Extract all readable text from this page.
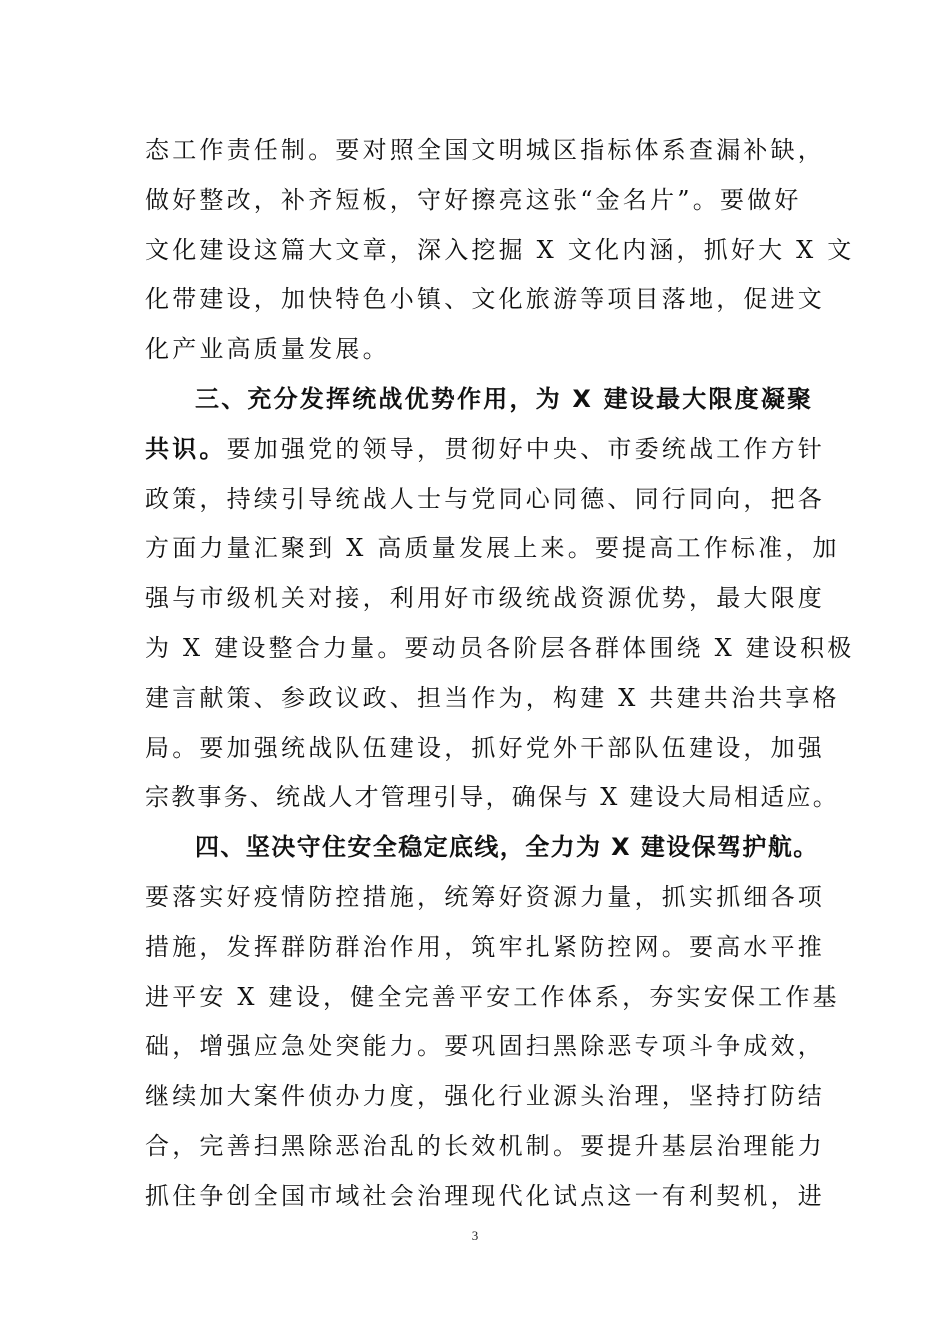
态工作责任制。要对照全国文明城区指标体系查漏补缺，
做好整改，补齐短板，守好擦亮这张“金名片”。要做好
文化建设这篇大文章，深入挖掘 X 文化内涵，抓好大 X 文
化带建设，加快特色小镇、文化旅游等项目落地，促进文
化产业高质量发展。
三、充分发挥统战优势作用，为 X 建设最大限度凝聚
共识。要加强党的领导，贯彻好中央、市委统战工作方针
政策，持续引导统战人士与党同心同德、同行同向，把各
方面力量汇聚到 X 高质量发展上来。要提高工作标准，加
强与市级机关对接，利用好市级统战资源优势，最大限度
为 X 建设整合力量。要动员各阶层各群体围绕 X 建设积极
建言献策、参政议政、担当作为，构建 X 共建共治共享格
局。要加强统战队伍建设，抓好党外干部队伍建设，加强
宗教事务、统战人才管理引导，确保与 X 建设大局相适应。
四、坚决守住安全稳定底线，全力为 X 建设保驾护航。
要落实好疫情防控措施，统筹好资源力量，抓实抓细各项
措施，发挥群防群治作用，筑牢扎紧防控网。要高水平推
进平安 X 建设，健全完善平安工作体系，夯实安保工作基
础，增强应急处突能力。要巩固扫黑除恶专项斗争成效，
继续加大案件侦办力度，强化行业源头治理，坚持打防结
合，完善扫黑除恶治乱的长效机制。要提升基层治理能力
抓住争创全国市域社会治理现代化试点这一有利契机，进
3
